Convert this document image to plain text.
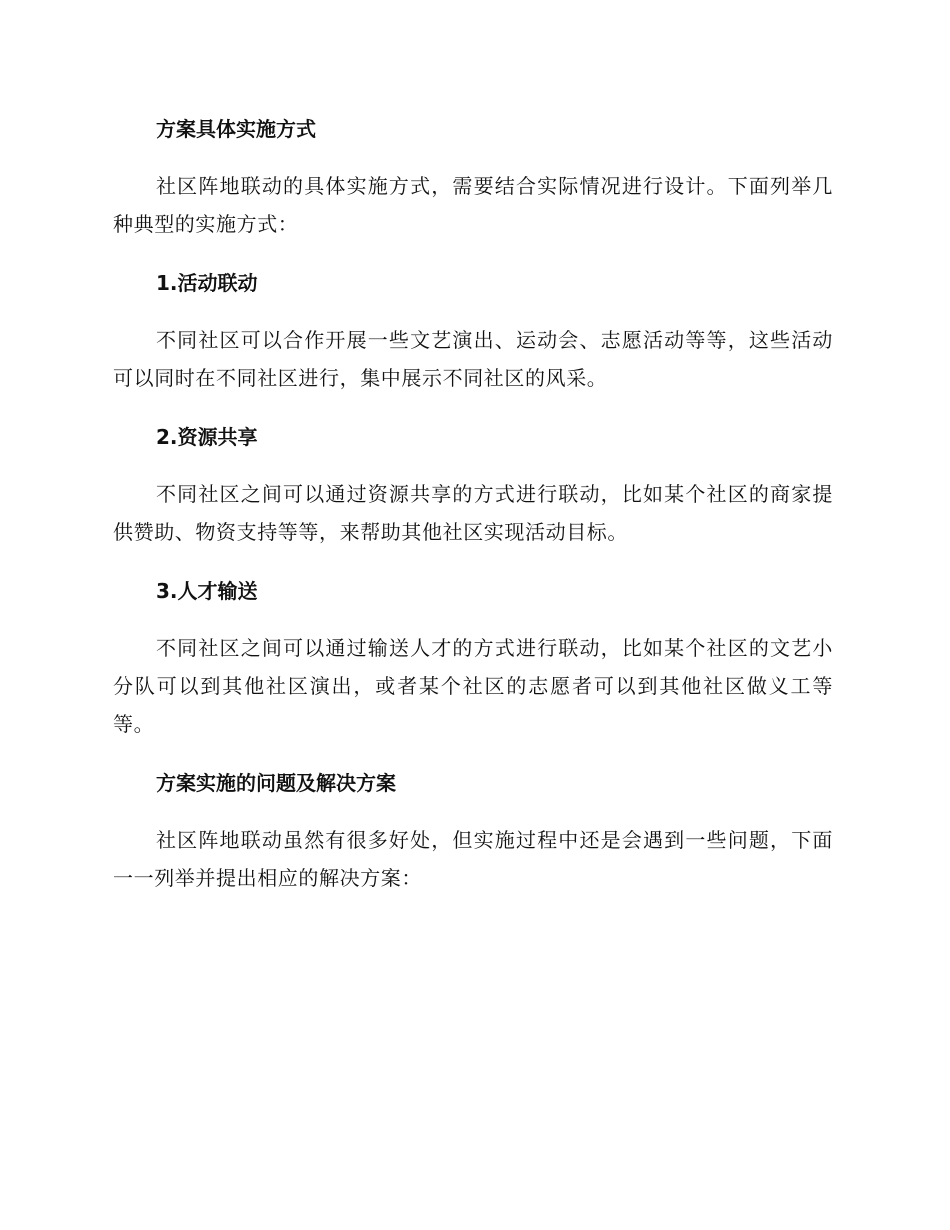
方案具体实施方式

社区阵地联动的具体实施方式，需要结合实际情况进行设计。下面列举几种典型的实施方式：

1.活动联动

不同社区可以合作开展一些文艺演出、运动会、志愿活动等等，这些活动可以同时在不同社区进行，集中展示不同社区的风采。

2.资源共享

不同社区之间可以通过资源共享的方式进行联动，比如某个社区的商家提供赞助、物资支持等等，来帮助其他社区实现活动目标。

3.人才输送

不同社区之间可以通过输送人才的方式进行联动，比如某个社区的文艺小分队可以到其他社区演出，或者某个社区的志愿者可以到其他社区做义工等等。

方案实施的问题及解决方案

社区阵地联动虽然有很多好处，但实施过程中还是会遇到一些问题，下面一一列举并提出相应的解决方案：
